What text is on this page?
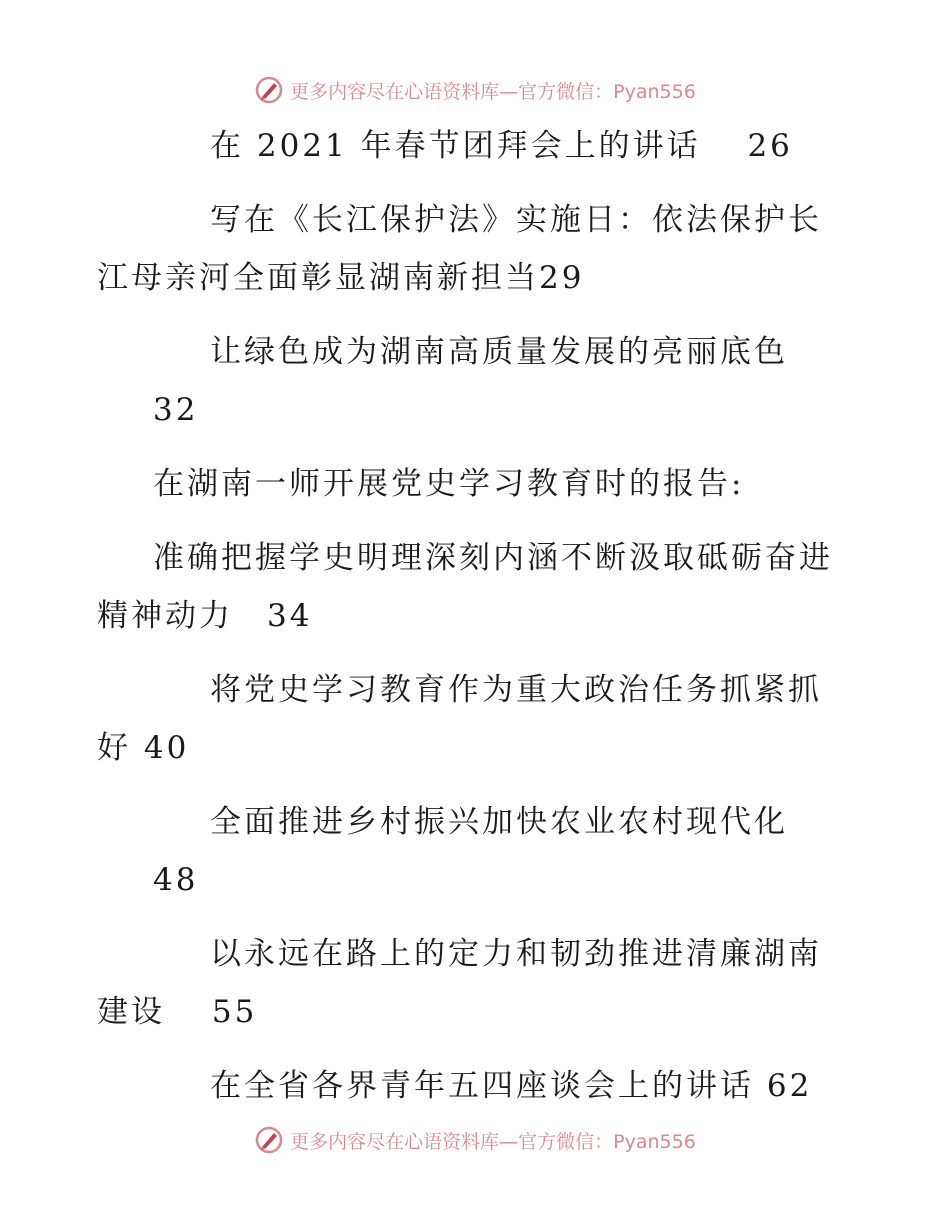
更多内容尽在心语资料库—官方微信：Pyan556
在 2021 年春节团拜会上的讲话　 26
写在《长江保护法》实施日：依法保护长
江母亲河全面彰显湖南新担当29
让绿色成为湖南高质量发展的亮丽底色
32
在湖南一师开展党史学习教育时的报告:
准确把握学史明理深刻内涵不断汲取砥砺奋进
精神动力　34
将党史学习教育作为重大政治任务抓紧抓
好 40
全面推进乡村振兴加快农业农村现代化
48
以永远在路上的定力和韧劲推进清廉湖南
建设　 55
在全省各界青年五四座谈会上的讲话 62
更多内容尽在心语资料库—官方微信：Pyan556
